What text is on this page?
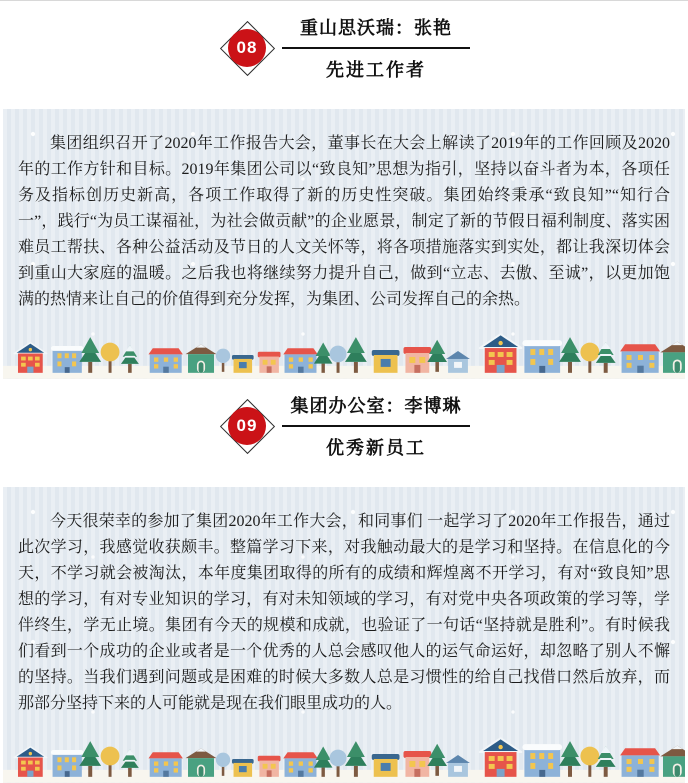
08
重山思沃瑞：张艳
先进工作者

集团组织召开了2020年工作报告大会，董事长在大会上解读了2019年的工作回顾及2020年的工作方针和目标。2019年集团公司以“致良知”思想为指引，坚持以奋斗者为本，各项任务及指标创历史新高，各项工作取得了新的历史性突破。集团始终秉承“致良知”“知行合一”，践行“为员工谋福祉，为社会做贡献”的企业愿景，制定了新的节假日福利制度、落实困难员工帮扶、各种公益活动及节日的人文关怀等，将各项措施落实到实处，都让我深切体会到重山大家庭的温暖。之后我也将继续努力提升自己，做到“立志、去傲、至诚”，以更加饱满的热情来让自己的价值得到充分发挥，为集团、公司发挥自己的余热。

09
集团办公室：李博琳
优秀新员工

今天很荣幸的参加了集团2020年工作大会，和同事们 一起学习了2020年工作报告，通过此次学习，我感觉收获颇丰。整篇学习下来，对我触动最大的是学习和坚持。在信息化的今天，不学习就会被淘汰，本年度集团取得的所有的成绩和辉煌离不开学习，有对“致良知”思想的学习，有对专业知识的学习，有对未知领域的学习，有对党中央各项政策的学习等，学伴终生，学无止境。集团有今天的规模和成就，也验证了一句话“坚持就是胜利”。有时候我们看到一个成功的企业或者是一个优秀的人总会感叹他人的运气命运好，却忽略了别人不懈的坚持。当我们遇到问题或是困难的时候大多数人总是习惯性的给自己找借口然后放弃，而那部分坚持下来的人可能就是现在我们眼里成功的人。
